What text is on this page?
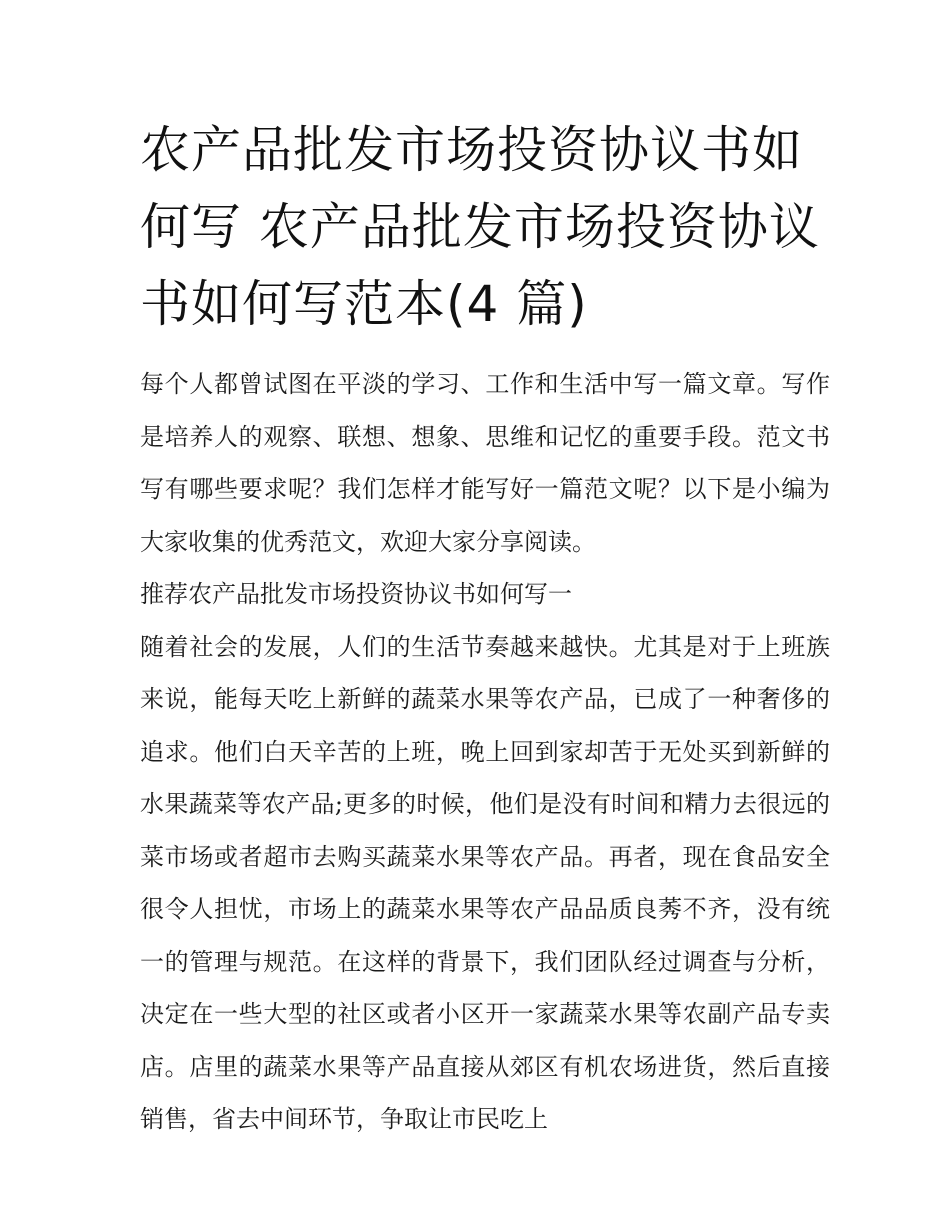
农产品批发市场投资协议书如何写 农产品批发市场投资协议书如何写范本(4 篇)

每个人都曾试图在平淡的学习、工作和生活中写一篇文章。写作是培养人的观察、联想、想象、思维和记忆的重要手段。范文书写有哪些要求呢？我们怎样才能写好一篇范文呢？以下是小编为大家收集的优秀范文，欢迎大家分享阅读。

推荐农产品批发市场投资协议书如何写一

随着社会的发展，人们的生活节奏越来越快。尤其是对于上班族来说，能每天吃上新鲜的蔬菜水果等农产品，已成了一种奢侈的追求。他们白天辛苦的上班，晚上回到家却苦于无处买到新鲜的水果蔬菜等农产品;更多的时候，他们是没有时间和精力去很远的菜市场或者超市去购买蔬菜水果等农产品。再者，现在食品安全很令人担忧，市场上的蔬菜水果等农产品品质良莠不齐，没有统一的管理与规范。在这样的背景下，我们团队经过调查与分析，决定在一些大型的社区或者小区开一家蔬菜水果等农副产品专卖店。店里的蔬菜水果等产品直接从郊区有机农场进货，然后直接销售，省去中间环节，争取让市民吃上
